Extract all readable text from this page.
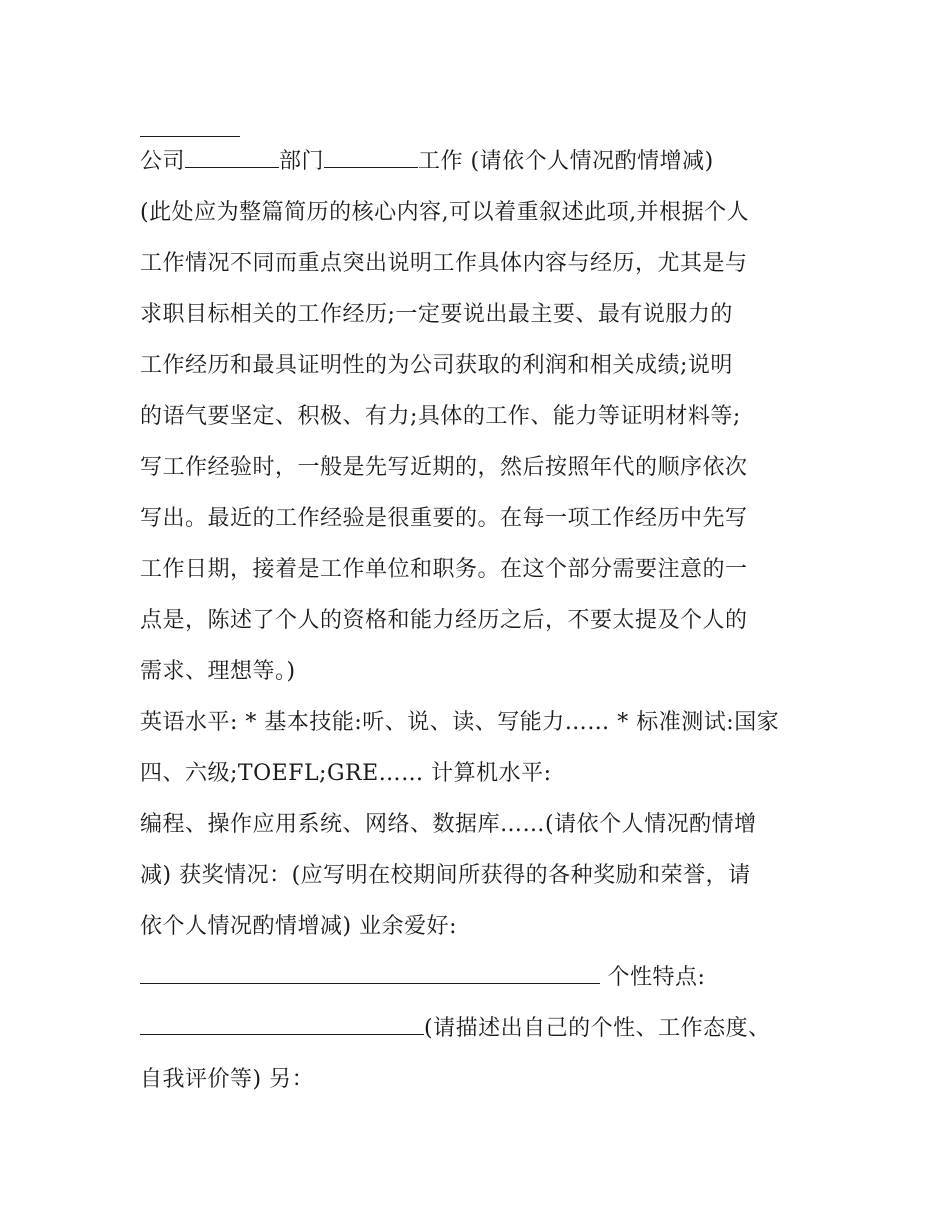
公司	部门	工作 (请依个人情况酌情增减)
(此处应为整篇简历的核心内容,可以着重叙述此项,并根据个人
工作情况不同而重点突出说明工作具体内容与经历，尤其是与
求职目标相关的工作经历;一定要说出最主要、最有说服力的
工作经历和最具证明性的为公司获取的利润和相关成绩;说明
的语气要坚定、积极、有力;具体的工作、能力等证明材料等;
写工作经验时，一般是先写近期的，然后按照年代的顺序依次
写出。最近的工作经验是很重要的。在每一项工作经历中先写
工作日期，接着是工作单位和职务。在这个部分需要注意的一
点是，陈述了个人的资格和能力经历之后，不要太提及个人的
需求、理想等。)
英语水平: * 基本技能:听、说、读、写能力…… * 标准测试:国家
四、六级;TOEFL;GRE…… 计算机水平:
编程、操作应用系统、网络、数据库……(请依个人情况酌情增
减) 获奖情况：(应写明在校期间所获得的各种奖励和荣誉，请
依个人情况酌情增减) 业余爱好:
个性特点:
(请描述出自己的个性、工作态度、
自我评价等) 另：
